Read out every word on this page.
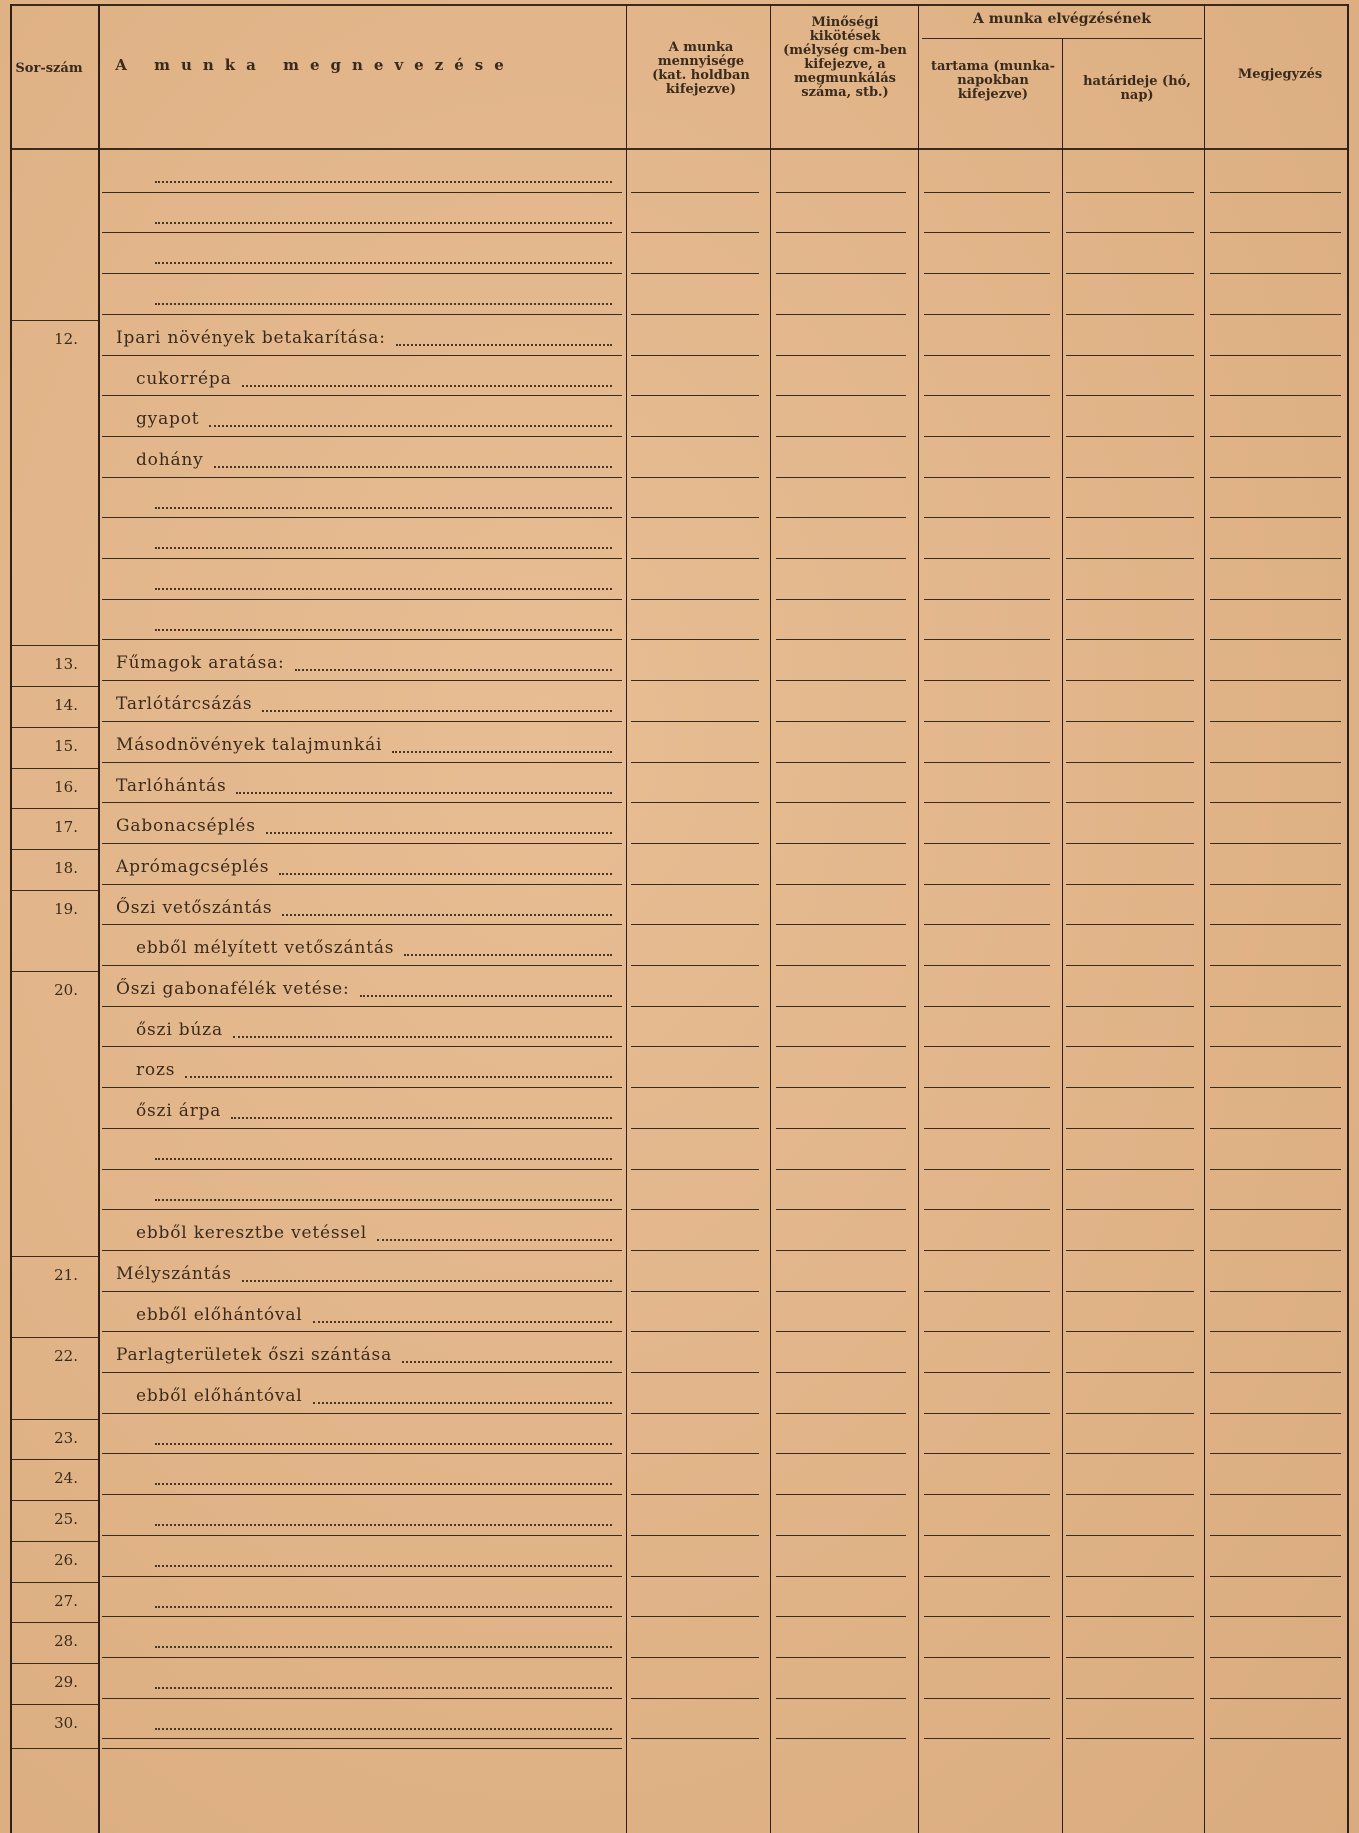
Sor-szám	A munka megnevezése
A munka mennyisége (kat. holdban kifejezve)
Minőségi kikötések (mélység cm-ben kifejezve, a megmunkálás száma, stb.)
A munka elvégzésének
tartama (munka-napokban kifejezve)
határideje (hó, nap)
Megjegyzés
12. Ipari növények betakarítása:
cukorrépa
gyapot
dohány
13. Fűmagok aratása:
14. Tarlótárcsázás
15. Másodnövények talajmunkái
16. Tarlóhántás
17. Gabonacséplés
18. Aprómagcséplés
19. Őszi vetőszántás
ebből mélyített vetőszántás
20. Őszi gabonafélék vetése:
őszi búza
rozs
őszi árpa
ebből keresztbe vetéssel
21. Mélyszántás
ebből előhántóval
22. Parlagterületek őszi szántása
ebből előhántóval
23.
24.
25.
26.
27.
28.
29.
30.
